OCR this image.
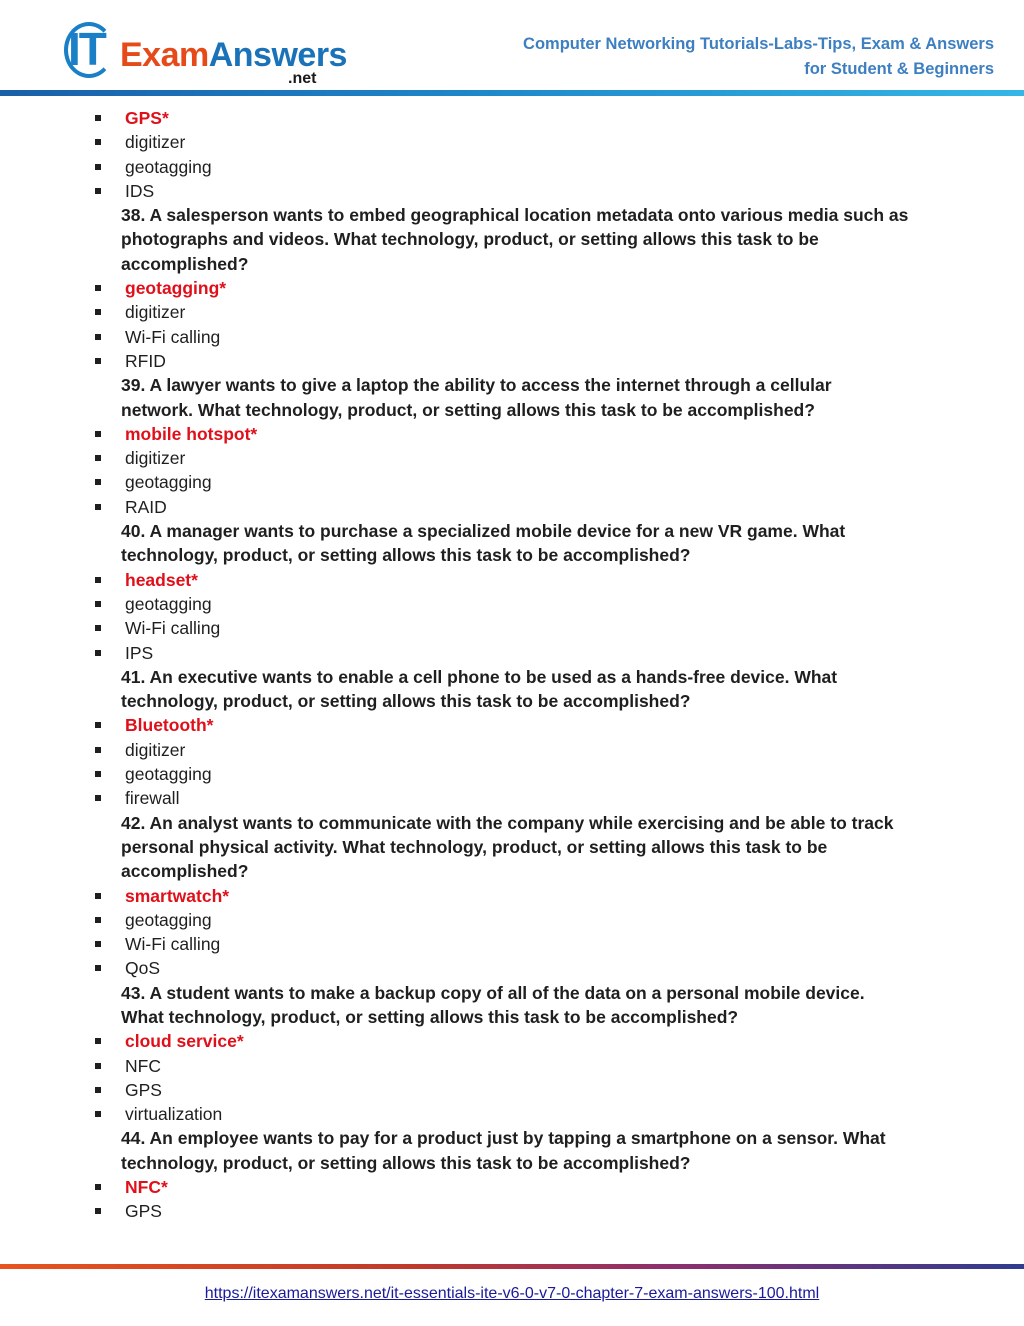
IT ExamAnswers
.net
Computer Networking Tutorials-Labs-Tips, Exam & Answers
for Student & Beginners
GPS*
digitizer
geotagging
IDS
38. A salesperson wants to embed geographical location metadata onto various media such as
photographs and videos. What technology, product, or setting allows this task to be
accomplished?
geotagging*
digitizer
Wi-Fi calling
RFID
39. A lawyer wants to give a laptop the ability to access the internet through a cellular
network. What technology, product, or setting allows this task to be accomplished?
mobile hotspot*
digitizer
geotagging
RAID
40. A manager wants to purchase a specialized mobile device for a new VR game. What
technology, product, or setting allows this task to be accomplished?
headset*
geotagging
Wi-Fi calling
IPS
41. An executive wants to enable a cell phone to be used as a hands-free device. What
technology, product, or setting allows this task to be accomplished?
Bluetooth*
digitizer
geotagging
firewall
42. An analyst wants to communicate with the company while exercising and be able to track
personal physical activity. What technology, product, or setting allows this task to be
accomplished?
smartwatch*
geotagging
Wi-Fi calling
QoS
43. A student wants to make a backup copy of all of the data on a personal mobile device.
What technology, product, or setting allows this task to be accomplished?
cloud service*
NFC
GPS
virtualization
44. An employee wants to pay for a product just by tapping a smartphone on a sensor. What
technology, product, or setting allows this task to be accomplished?
NFC*
GPS
https://itexamanswers.net/it-essentials-ite-v6-0-v7-0-chapter-7-exam-answers-100.html
